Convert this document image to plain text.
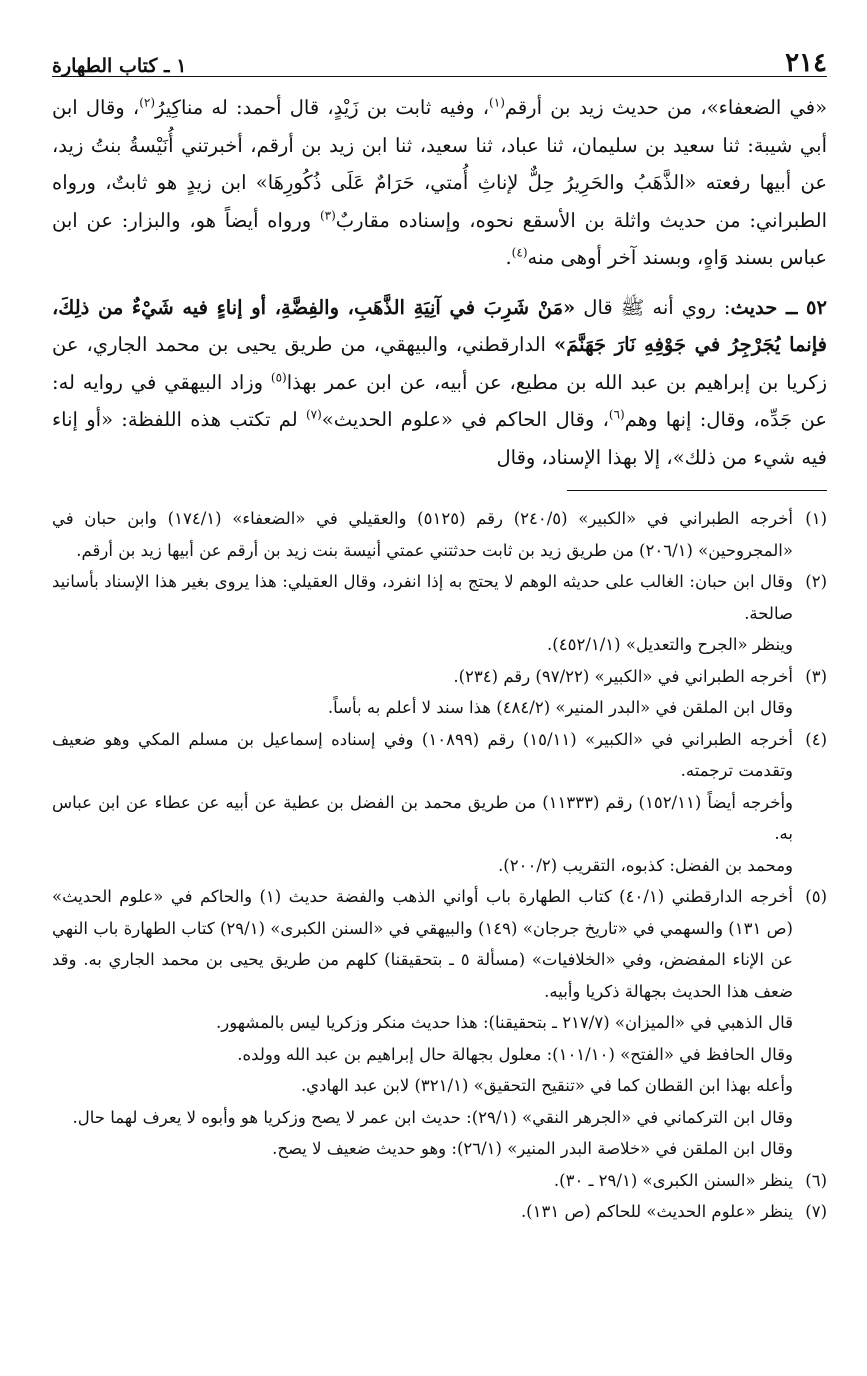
٢١٤
١ ـ كتاب الطهارة

«في الضعفاء»، من حديث زيد بن أرقم$^{(١)}$، وفيه ثابت بن زَيْدٍ، قال أحمد: له مناكِيرُ$^{(٢)}$، وقال ابن أبي شيبة: ثنا سعيد بن سليمان، ثنا عباد، ثنا سعيد، ثنا ابن زيد بن أرقم، أخبرتني أُنَيْسةُ بنتُ زيد، عن أبيها رفعته «الذَّهَبُ والحَرِيرُ حِلٌّ لإناثِ أُمتي، حَرَامٌ عَلَى ذُكُورِهَا» ابن زيدٍ هو ثابتٌ، ورواه الطبراني: من حديث واثلة بن الأسقع نحوه، وإسناده مقاربٌ$^{(٣)}$ ورواه أيضاً هو، والبزار: عن ابن عباس بسند وَاهٍ، وبسند آخر أوهى منه$^{(٤)}$.

٥٢ ــ حديث: روي أنه ﷺ قال «مَنْ شَرِبَ في آنِيَةِ الذَّهَبِ، والفِضَّةِ، أو إناءٍ فيه شَيْءٌ من ذلِكَ، فإنما يُجَرْجِرُ في جَوْفِهِ نَارَ جَهَنَّمَ» الدارقطني، والبيهقي، من طريق يحيى بن محمد الجاري، عن زكريا بن إبراهيم بن عبد الله بن مطيع، عن أبيه، عن ابن عمر بهذا$^{(٥)}$ وزاد البيهقي في روايه له: عن جَدِّه، وقال: إنها وهم$^{(٦)}$، وقال الحاكم في «علوم الحديث»$^{(٧)}$ لم تكتب هذه اللفظة: «أو إناء فيه شيء من ذلك»، إلا بهذا الإسناد، وقال

(١)

أخرجه الطبراني في «الكبير» (٢٤٠/٥) رقم (٥١٢٥) والعقيلي في «الضعفاء» (١٧٤/١) وابن حبان في «المجروحين» (٢٠٦/١) من طريق زيد بن ثابت حدثتني عمتي أنيسة بنت زيد بن أرقم عن أبيها زيد بن أرقم.

(٢)

وقال ابن حبان: الغالب على حديثه الوهم لا يحتج به إذا انفرد، وقال العقيلي: هذا يروى بغير هذا الإسناد بأسانيد صالحة.

وينظر «الجرح والتعديل» (٤٥٢/١/١).

(٣)

أخرجه الطبراني في «الكبير» (٩٧/٢٢) رقم (٢٣٤).

وقال ابن الملقن في «البدر المنير» (٤٨٤/٢) هذا سند لا أعلم به بأساً.

(٤)

أخرجه الطبراني في «الكبير» (١٥/١١) رقم (١٠٨٩٩) وفي إسناده إسماعيل بن مسلم المكي وهو ضعيف وتقدمت ترجمته.

وأخرجه أيضاً (١٥٢/١١) رقم (١١٣٣٣) من طريق محمد بن الفضل بن عطية عن أبيه عن عطاء عن ابن عباس به.

ومحمد بن الفضل: كذبوه، التقريب (٢٠٠/٢).

(٥)

أخرجه الدارقطني (٤٠/١) كتاب الطهارة باب أواني الذهب والفضة حديث (١) والحاكم في «علوم الحديث» (ص ١٣١) والسهمي في «تاريخ جرجان» (١٤٩) والبيهقي في «السنن الكبرى» (٢٩/١) كتاب الطهارة باب النهي عن الإناء المفضض، وفي «الخلافيات» (مسألة ٥ ـ بتحقيقنا) كلهم من طريق يحيى بن محمد الجاري به. وقد ضعف هذا الحديث بجهالة ذكريا وأبيه.

قال الذهبي في «الميزان» (٢١٧/٧ ـ بتحقيقنا): هذا حديث منكر وزكريا ليس بالمشهور.

وقال الحافظ في «الفتح» (١٠١/١٠): معلول بجهالة حال إبراهيم بن عبد الله وولده.

وأعله بهذا ابن القطان كما في «تنقيح التحقيق» (٣٢١/١) لابن عبد الهادي.

وقال ابن التركماني في «الجرهر النقي» (٢٩/١): حديث ابن عمر لا يصح وزكريا هو وأبوه لا يعرف لهما حال.

وقال ابن الملقن في «خلاصة البدر المنير» (٢٦/١): وهو حديث ضعيف لا يصح.

(٦)

ينظر «السنن الكبرى» (٢٩/١ ـ ٣٠).

(٧)

ينظر «علوم الحديث» للحاكم (ص ١٣١).
